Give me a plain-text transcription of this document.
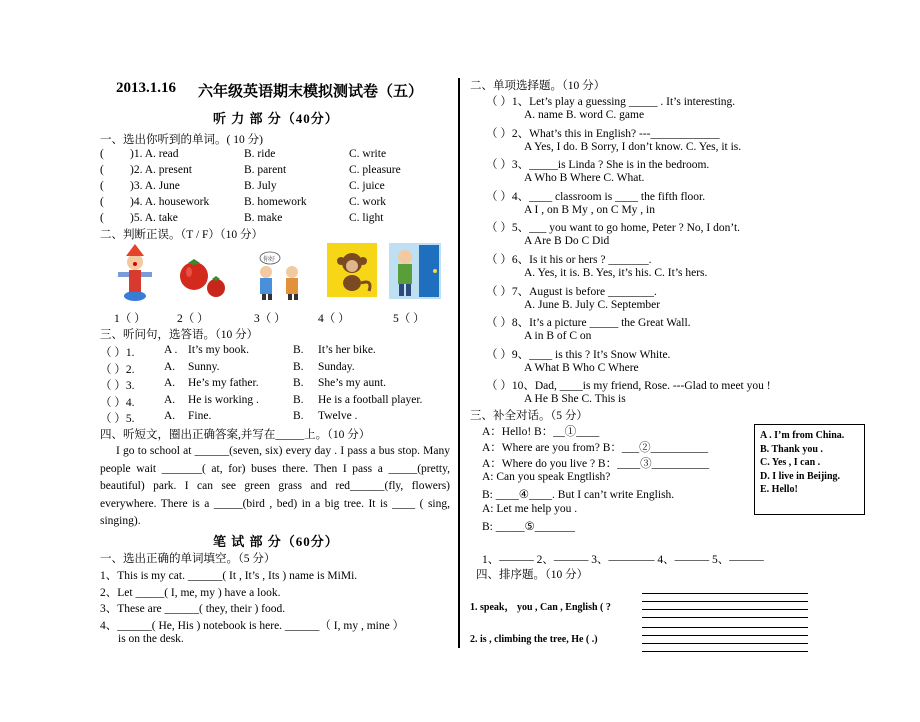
2013.1.16 六年级英语期末模拟测试卷（五）
听 力 部 分（40分）
一、选出你听到的单词。( 10 分)
( )1. A. read	B. ride	C. write
( )2. A. present	B. parent	C. pleasure
( )3. A. June	B. July	C. juice
( )4. A. housework	B. homework	C. work
( )5. A. take	B. make	C. light
二、判断正误。（T / F）（10 分）
你好
1（ ）	2（ ）	3（ ）	4（ ）	5（ ）
三、听问句，选答语。（10 分）
（ ）1.	A . It’s my book.	B. It’s her bike.
（ ）2.	A. Sunny.	B. Sunday.
（ ）3.	A. He’s my father.	B. She’s my aunt.
（ ）4.	A. He is working .	B. He is a football player.
（ ）5.	A. Fine.	B. Twelve .
四、听短文，圈出正确答案,并写在_____上。（10 分）
I go to school at ______(seven, six) every day . I pass a bus stop. Many people wait _______( at, for) buses there. Then I pass a _____(pretty, beautiful) park. I can see green grass and red______(fly, flowers) everywhere. There is a _____(bird , bed) in a big tree. It is ____ ( sing, singing).
笔 试 部 分（60分）
一、选出正确的单词填空。（5 分）
1、This is my cat. ______( It , It’s , Its ) name is MiMi.
2、Let _____( I, me, my ) have a look.
3、These are ______( they, their ) food.
4、______( He, His ) notebook is here. ______（ I, my , mine ）
is on the desk.
二、单项选择题。（10 分）
（ ）1、Let’s play a guessing _____ . It’s interesting.
A. name B. word C. game
（ ）2、What’s this in English? ---____________
A Yes, I do. B Sorry, I don’t know. C. Yes, it is.
（ ）3、_____is Linda ? She is in the bedroom.
A Who B Where C. What.
（ ）4、____ classroom is ____ the fifth floor.
A I , on B My , on C My , in
（ ）5、___ you want to go home, Peter ? No, I don’t.
A Are B Do C Did
（ ）6、Is it his or hers ? _______.
A. Yes, it is. B. Yes, it’s his. C. It’s hers.
（ ）7、August is before ________.
A. June B. July C. September
（ ）8、It’s a picture _____ the Great Wall.
A in B of C on
（ ）9、____ is this ? It’s Snow White.
A What B Who C Where
（ ）10、Dad, ____is my friend, Rose. ---Glad to meet you !
A He B She C. This is
三、补全对话。（5 分）
A：Hello! B：__①____
A：Where are you from? B：___②__________
A：Where do you live ? B：____③__________
A: Can you speak Engtlish?
B: ____④____. But I can’t write English.
A: Let me help you .
B: _____⑤_______
A . I’m from China.
B. Thank you .
C. Yes , I can .
D. I live in Beijing.
E. Hello!
1、——— 2、——— 3、———— 4、——— 5、———
四、排序题。（10 分）
1. speak， you , Can , English ( ?
2. is , climbing the tree, He ( .)
